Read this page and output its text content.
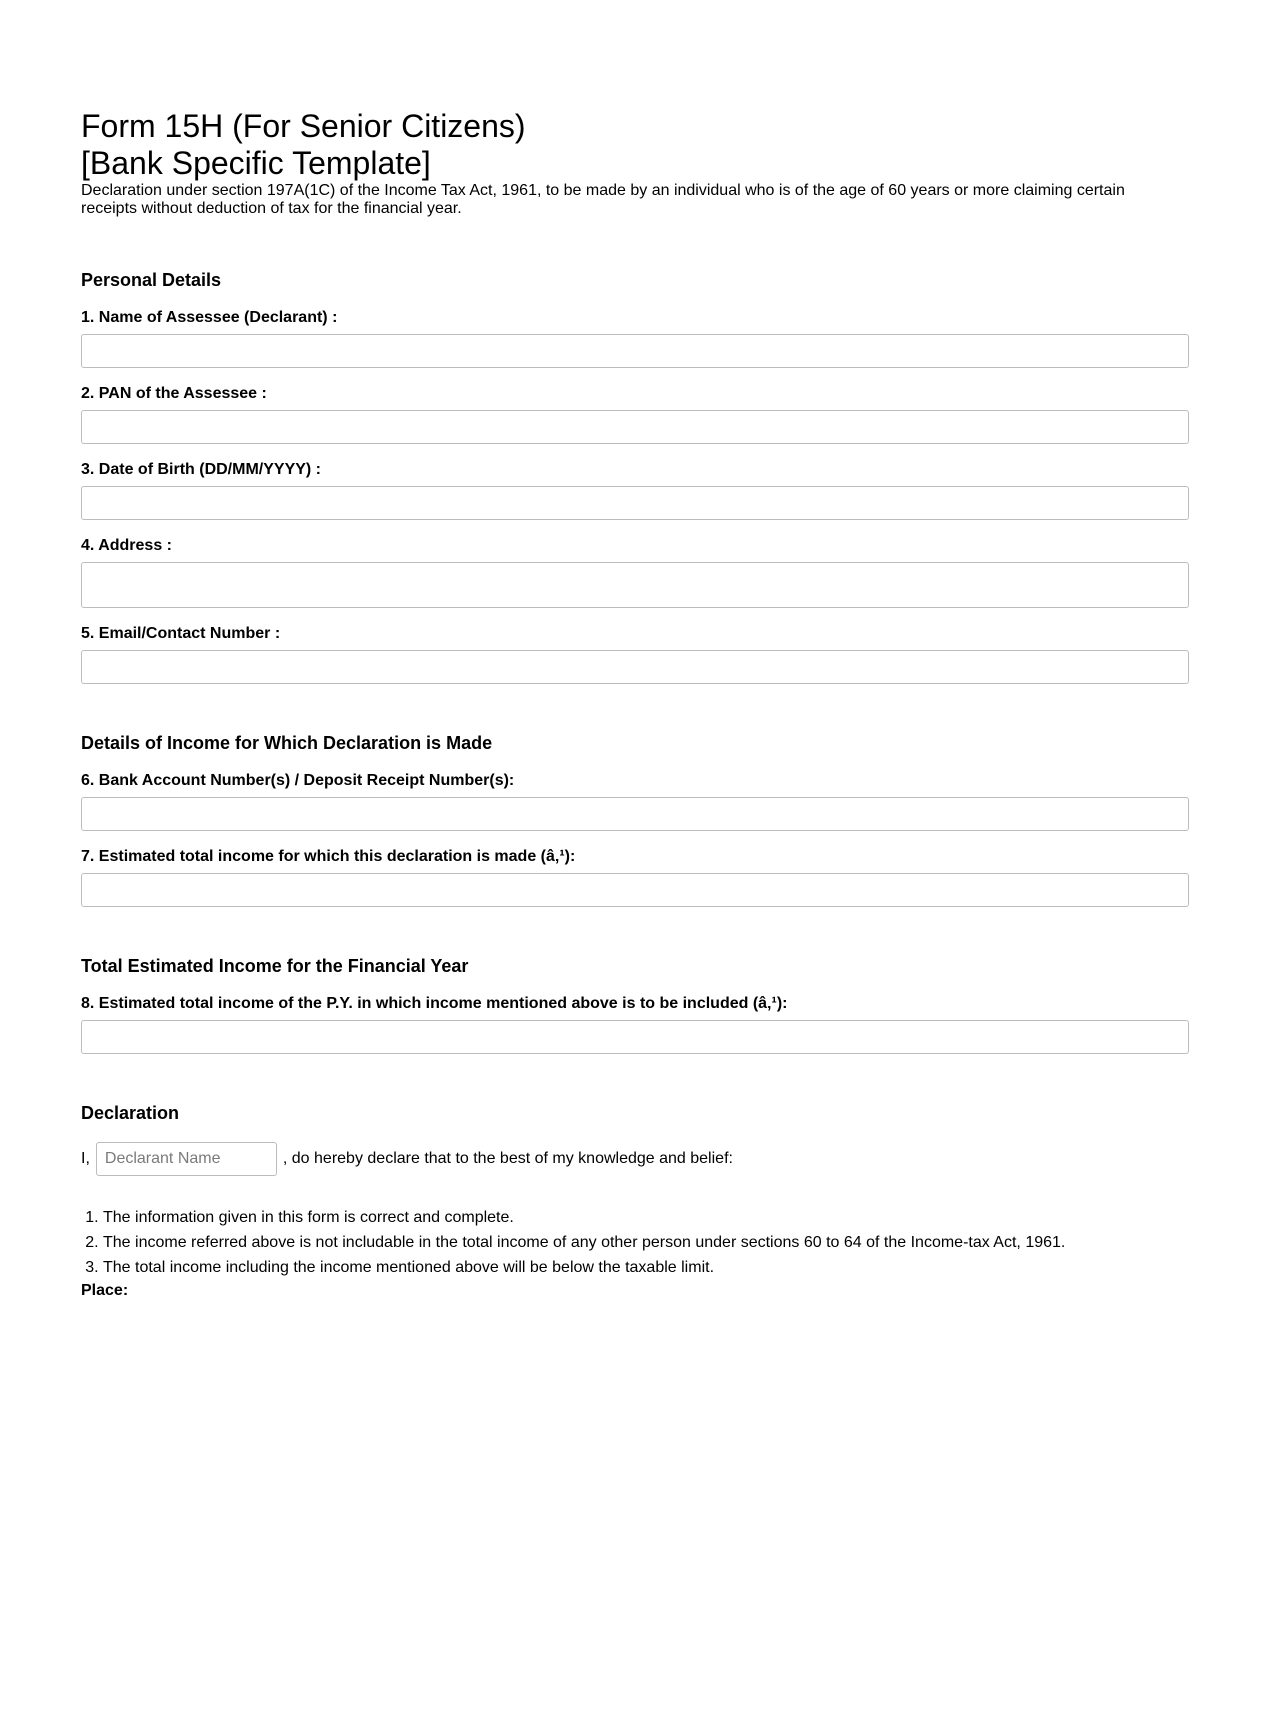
Form 15H (For Senior Citizens)
[Bank Specific Template]

Declaration under section 197A(1C) of the Income Tax Act, 1961, to be made by an individual who is of the age of 60 years or more claiming certain receipts without deduction of tax for the financial year.

Personal Details
1. Name of Assessee (Declarant) :
2. PAN of the Assessee :
3. Date of Birth (DD/MM/YYYY) :
4. Address :
5. Email/Contact Number :
Details of Income for Which Declaration is Made
6. Bank Account Number(s) / Deposit Receipt Number(s):
7. Estimated total income for which this declaration is made (â‚¹):
Total Estimated Income for the Financial Year
8. Estimated total income of the P.Y. in which income mentioned above is to be included (â‚¹):
Declaration
I,
Declarant Name	, do hereby declare that to the best of my knowledge and belief:
1. The information given in this form is correct and complete.
2. The income referred above is not includable in the total income of any other person under sections 60 to 64 of the Income-tax Act, 1961.
3. The total income including the income mentioned above will be below the taxable limit.
Place:
